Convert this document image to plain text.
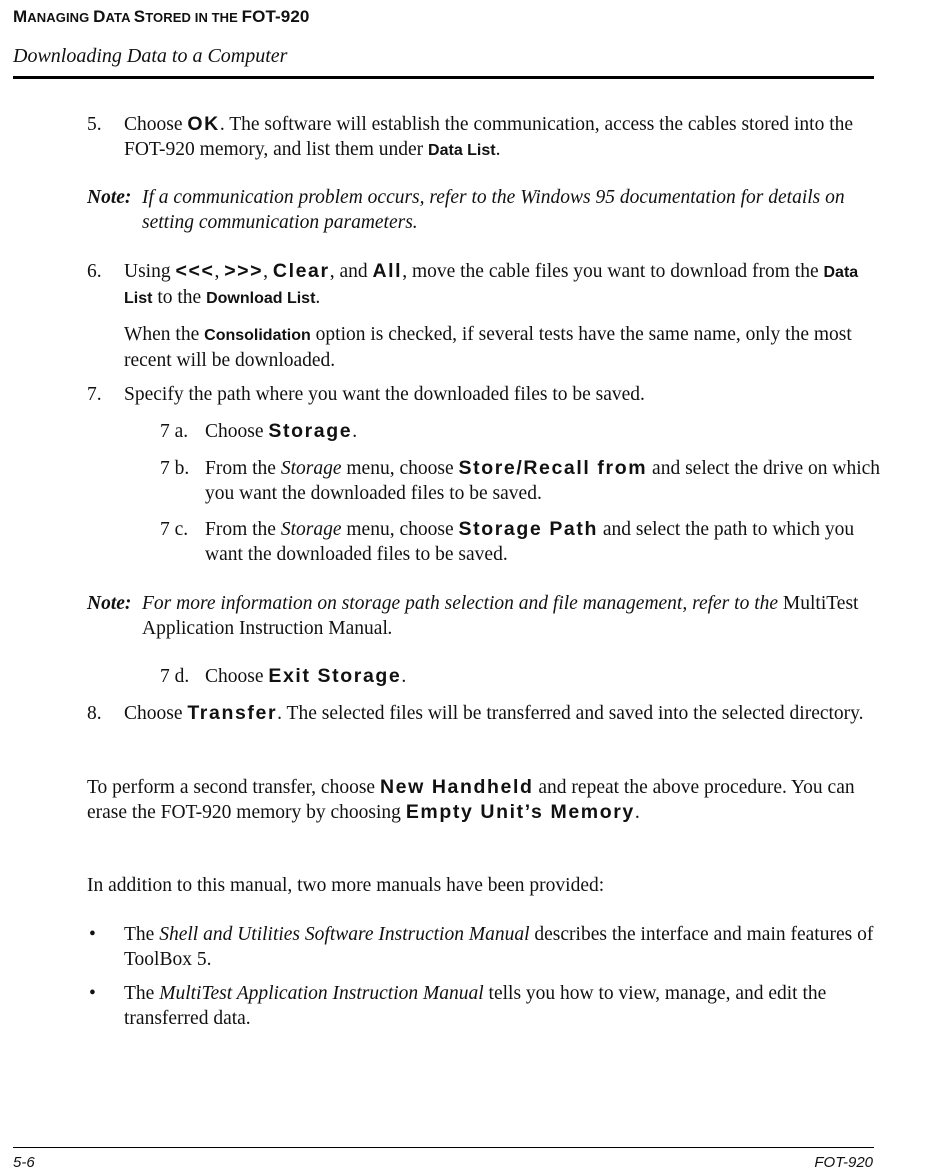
MANAGING DATA STORED IN THE FOT-920
Downloading Data to a Computer
5. Choose OK. The software will establish the communication, access the cables stored into the FOT-920 memory, and list them under Data List.
Note: If a communication problem occurs, refer to the Windows 95 documentation for details on setting communication parameters.
6. Using <<<, >>>, Clear, and All, move the cable files you want to download from the Data List to the Download List.
When the Consolidation option is checked, if several tests have the same name, only the most recent will be downloaded.
7. Specify the path where you want the downloaded files to be saved.
7 a. Choose Storage.
7 b. From the Storage menu, choose Store/Recall from and select the drive on which you want the downloaded files to be saved.
7 c. From the Storage menu, choose Storage Path and select the path to which you want the downloaded files to be saved.
Note: For more information on storage path selection and file management, refer to the MultiTest Application Instruction Manual.
7 d. Choose Exit Storage.
8. Choose Transfer. The selected files will be transferred and saved into the selected directory.
To perform a second transfer, choose New Handheld and repeat the above procedure. You can erase the FOT-920 memory by choosing Empty Unit’s Memory.
In addition to this manual, two more manuals have been provided:
• The Shell and Utilities Software Instruction Manual describes the interface and main features of ToolBox 5.
• The MultiTest Application Instruction Manual tells you how to view, manage, and edit the transferred data.
5-6	FOT-920
